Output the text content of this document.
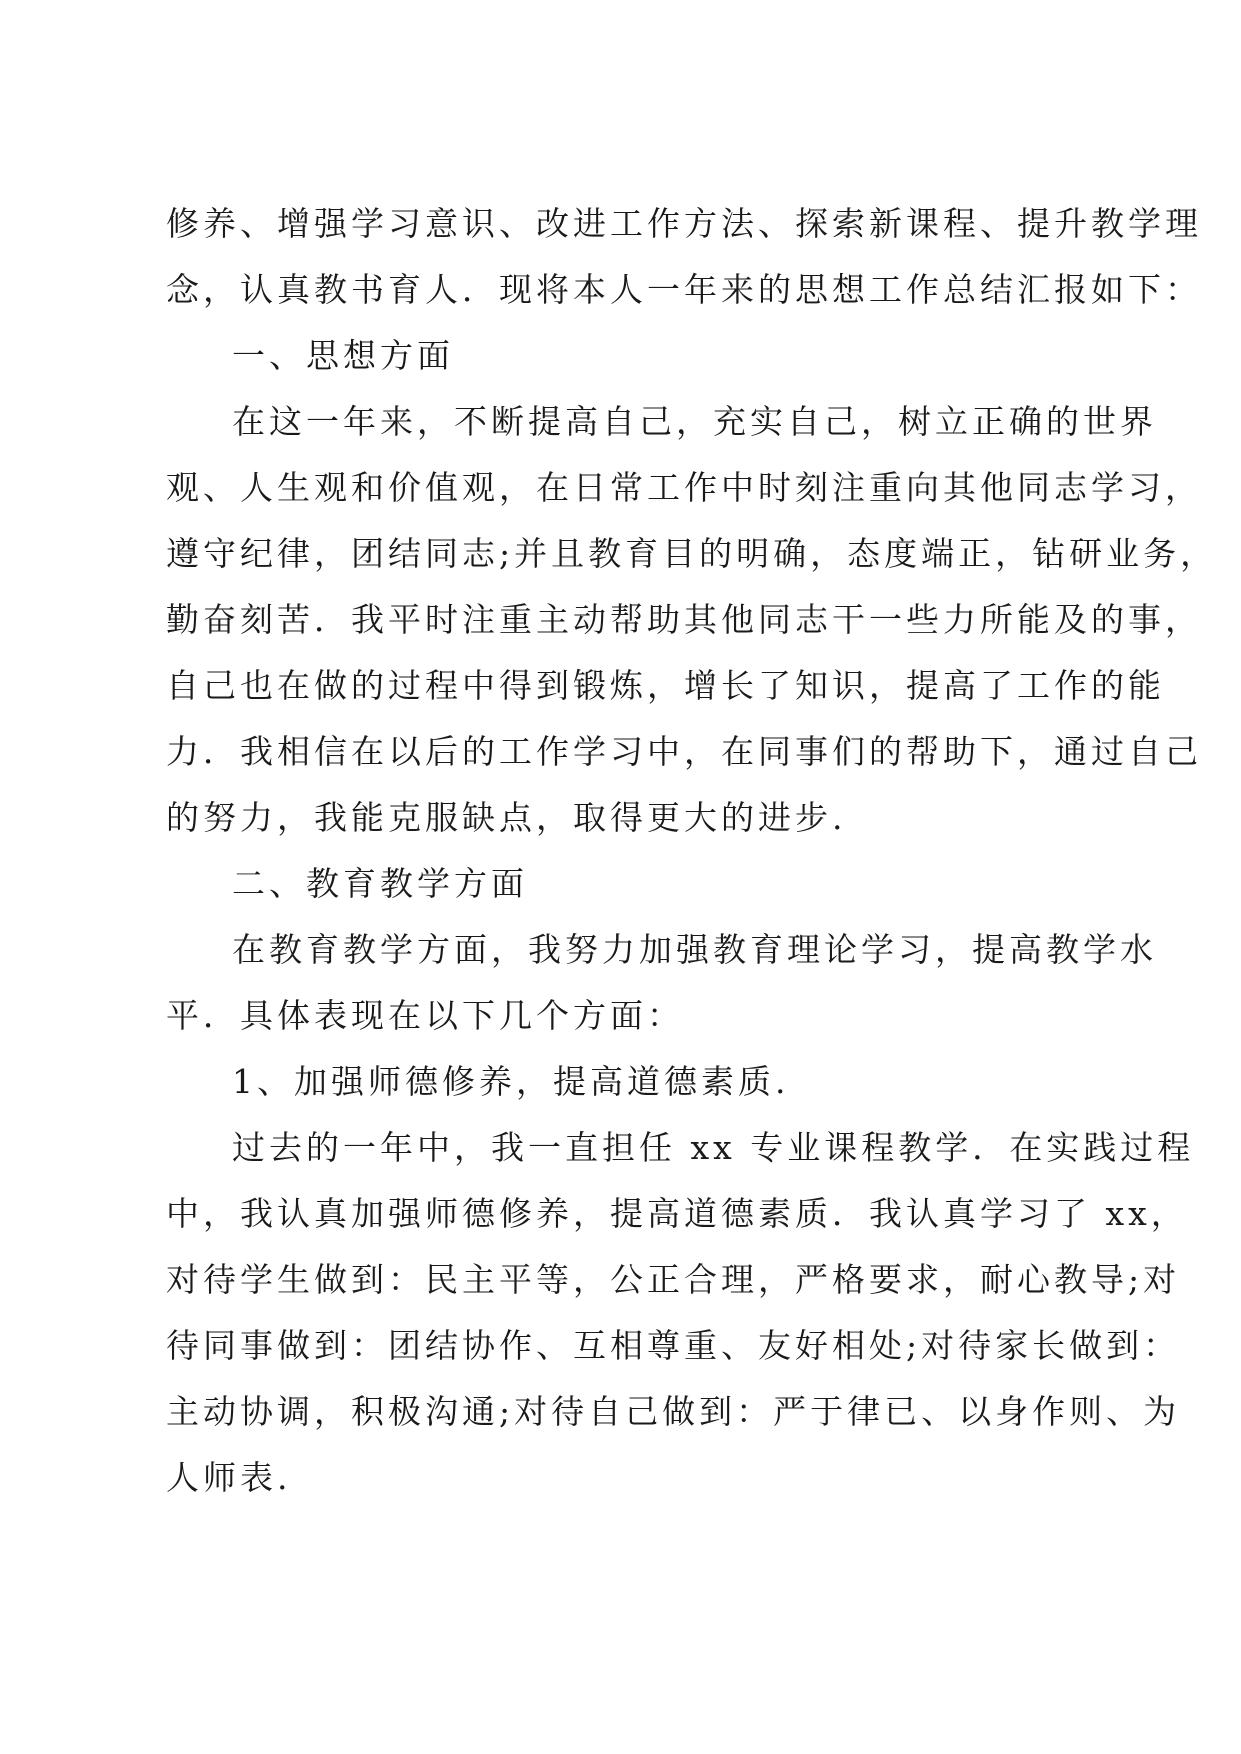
修养、增强学习意识、改进工作方法、探索新课程、提升教学理
念，认真教书育人．现将本人一年来的思想工作总结汇报如下：
一、思想方面
在这一年来，不断提高自己，充实自己，树立正确的世界
观、人生观和价值观，在日常工作中时刻注重向其他同志学习，
遵守纪律，团结同志;并且教育目的明确，态度端正，钻研业务，
勤奋刻苦．我平时注重主动帮助其他同志干一些力所能及的事，
自己也在做的过程中得到锻炼，增长了知识，提高了工作的能
力．我相信在以后的工作学习中，在同事们的帮助下，通过自己
的努力，我能克服缺点，取得更大的进步.
二、教育教学方面
在教育教学方面，我努力加强教育理论学习，提高教学水
平．具体表现在以下几个方面：
1、加强师德修养，提高道德素质.
过去的一年中，我一直担任 xx 专业课程教学．在实践过程
中，我认真加强师德修养，提高道德素质．我认真学习了 xx，
对待学生做到：民主平等，公正合理，严格要求，耐心教导;对
待同事做到：团结协作、互相尊重、友好相处;对待家长做到：
主动协调，积极沟通;对待自己做到：严于律已、以身作则、为
人师表.
